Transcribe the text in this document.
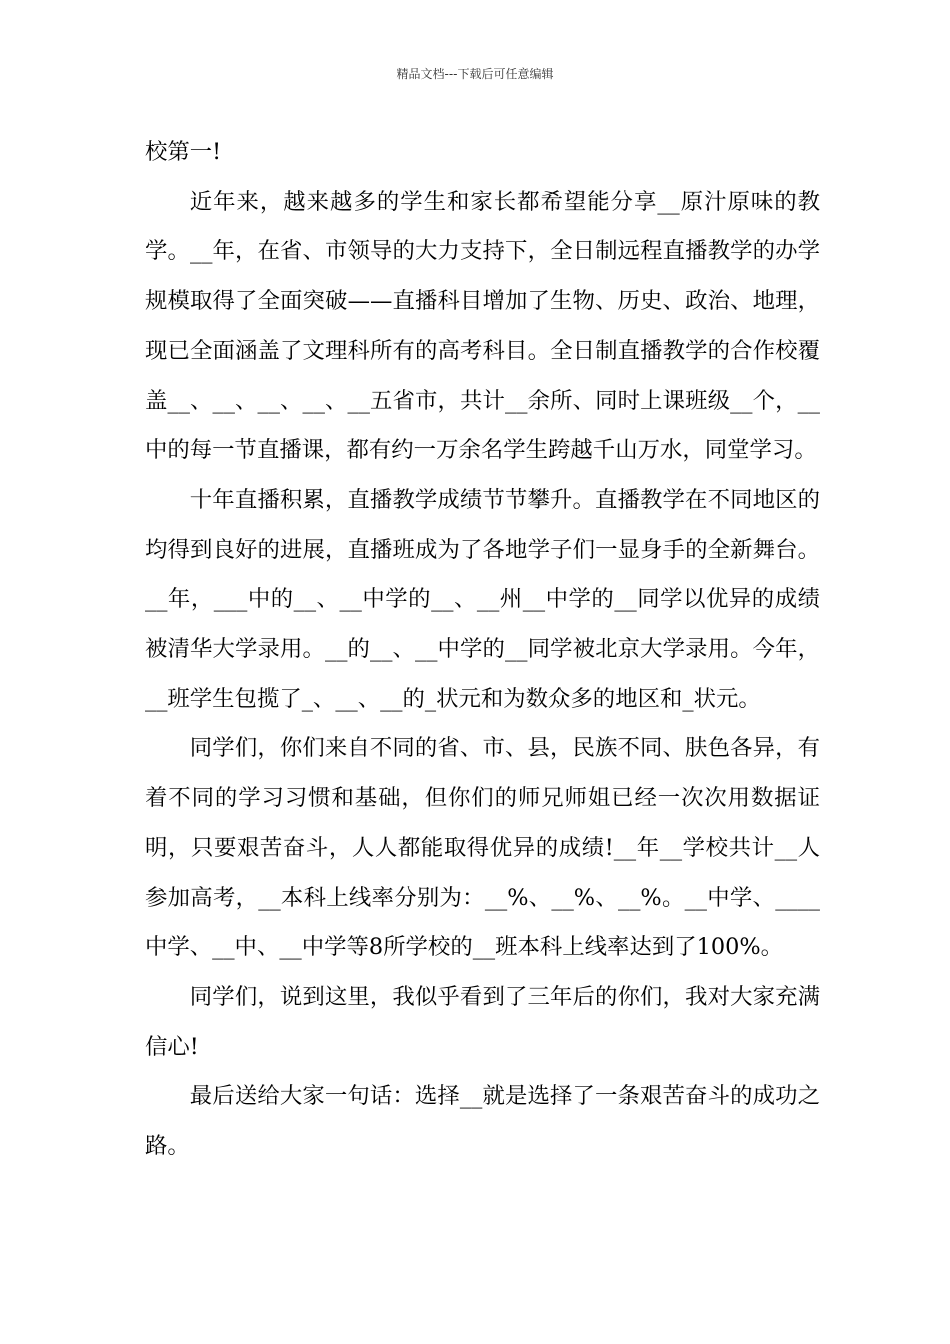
精品文档---下载后可任意编辑

校第一!

近年来，越来越多的学生和家长都希望能分享__原汁原味的教学。__年，在省、市领导的大力支持下，全日制远程直播教学的办学规模取得了全面突破——直播科目增加了生物、历史、政治、地理，现已全面涵盖了文理科所有的高考科目。全日制直播教学的合作校覆盖__、__、__、__、__五省市，共计__余所、同时上课班级__个，__中的每一节直播课，都有约一万余名学生跨越千山万水，同堂学习。

十年直播积累，直播教学成绩节节攀升。直播教学在不同地区的均得到良好的进展，直播班成为了各地学子们一显身手的全新舞台。__年，___中的__、__中学的__、__州__中学的__同学以优异的成绩被清华大学录用。__的__、__中学的__同学被北京大学录用。今年，__班学生包揽了_、__、__的_状元和为数众多的地区和_状元。

同学们，你们来自不同的省、市、县，民族不同、肤色各异，有着不同的学习习惯和基础，但你们的师兄师姐已经一次次用数据证明，只要艰苦奋斗，人人都能取得优异的成绩!__年__学校共计__人参加高考，__本科上线率分别为：__%、__%、__%。__中学、____中学、__中、__中学等8所学校的__班本科上线率达到了100%。

同学们，说到这里，我似乎看到了三年后的你们，我对大家充满信心!

最后送给大家一句话：选择__就是选择了一条艰苦奋斗的成功之路。
